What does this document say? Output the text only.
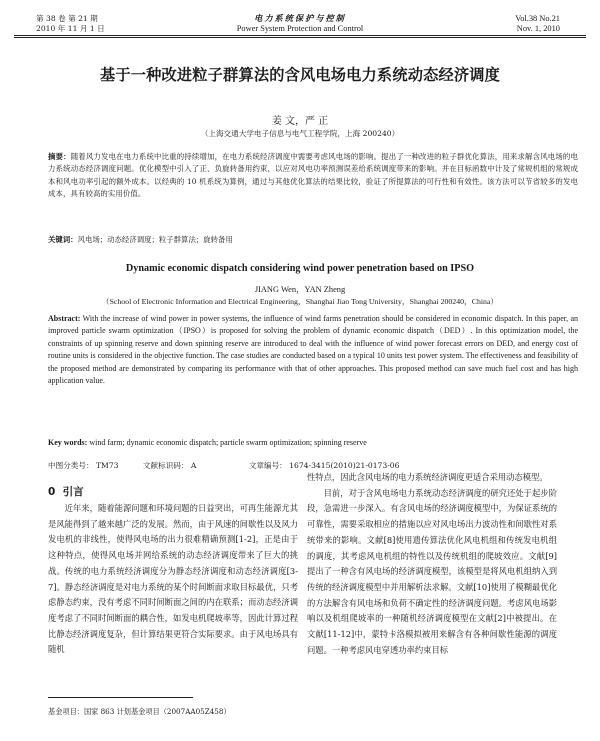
第 38 卷 第 21 期
2010 年 11 月 1 日
电力系统保护与控制
Power System Protection and Control
Vol.38 No.21
Nov. 1, 2010
基于一种改进粒子群算法的含风电场电力系统动态经济调度
姜 文，严 正
（上海交通大学电子信息与电气工程学院，上海 200240）
摘要：随着风力发电在电力系统中比重的持续增加，在电力系统经济调度中需要考虑风电场的影响。提出了一种改进的粒子群优化算法，用来求解含风电场的电力系统动态经济调度问题。优化模型中引入了正、负旋转备用约束，以应对风电功率预测误差给系统调度带来的影响。并在目标函数中计及了常规机组的常规成本和风电功率引起的额外成本。以经典的 10 机系统为算例，通过与其他优化算法的结果比较，验证了所提算法的可行性和有效性。该方法可以节省较多的发电成本，具有较高的实用价值。
关键词：风电场；动态经济调度；粒子群算法；旋转备用
Dynamic economic dispatch considering wind power penetration based on IPSO
JIANG Wen，YAN Zheng
（School of Electronic Information and Electrical Engineering，Shanghai Jiao Tong University，Shanghai 200240，China）
Abstract: With the increase of wind power in power systems, the influence of wind farms penetration should be considered in economic dispatch. In this paper, an improved particle swarm optimization（IPSO）is proposed for solving the problem of dynamic economic dispatch（DED）. In this optimization model, the constraints of up spinning reserve and down spinning reserve are introduced to deal with the influence of wind power forecast errors on DED, and energy cost of routine units is considered in the objective function. The case studies are conducted based on a typical 10 units test power system. The effectiveness and feasibility of the proposed method are demonstrated by comparing its performance with that of other approaches. This proposed method can save much fuel cost and has high application value.
Key words: wind farm; dynamic economic dispatch; particle swarm optimization; spinning reserve
中图分类号： TM73	文献标识码： A	文章编号： 1674-3415(2010)21-0173-06
0 引言

近年来，随着能源问题和环境问题的日益突出，可再生能源尤其是风能得到了越来越广泛的发展。然而，由于风速的间歇性以及风力发电机的非线性，使得风电场的出力很难精确预测[1-2]，正是由于这种特点，使得风电场并网给系统的动态经济调度带来了巨大的挑战。传统的电力系统经济调度分为静态经济调度和动态经济调度[3-7]。静态经济调度是对电力系统的某个时间断面求取目标最优，只考虑静态约束，没有考虑不同时间断面之间的内在联系；而动态经济调度考虑了不同时间断面的耦合性，如发电机爬坡率等，因此计算过程比静态经济调度复杂，但计算结果更符合实际要求。由于风电场具有随机

基金项目：国家 863 计划基金项目（2007AA05Z458）

性特点，因此含风电场的电力系统经济调度更适合采用动态模型。

目前，对于含风电场电力系统动态经济调度的研究还处于起步阶段，急需进一步深入。有含风电场的经济调度模型中，为保证系统的可靠性，需要采取相应的措施以应对风电场出力波动性和间歇性对系统带来的影响。文献[8]使用遗传算法优化风电机组和传统发电机组的调度，其考虑风电机组的特性以及传统机组的爬坡效应。文献[9]提出了一种含有风电场的经济调度模型，该模型是将风电机组纳入到传统的经济调度模型中并用解析法求解。文献[10]使用了模糊最优化的方法解含有风电场和负荷不确定性的经济调度问题。考虑风电场影响以及机组爬坡率的一种随机经济调度模型在文献[2]中被提出。在文献[11-12]中，蒙特卡洛模拟被用来解含有各种间歇性能源的调度问题。一种考虑风电穿透功率约束目标
